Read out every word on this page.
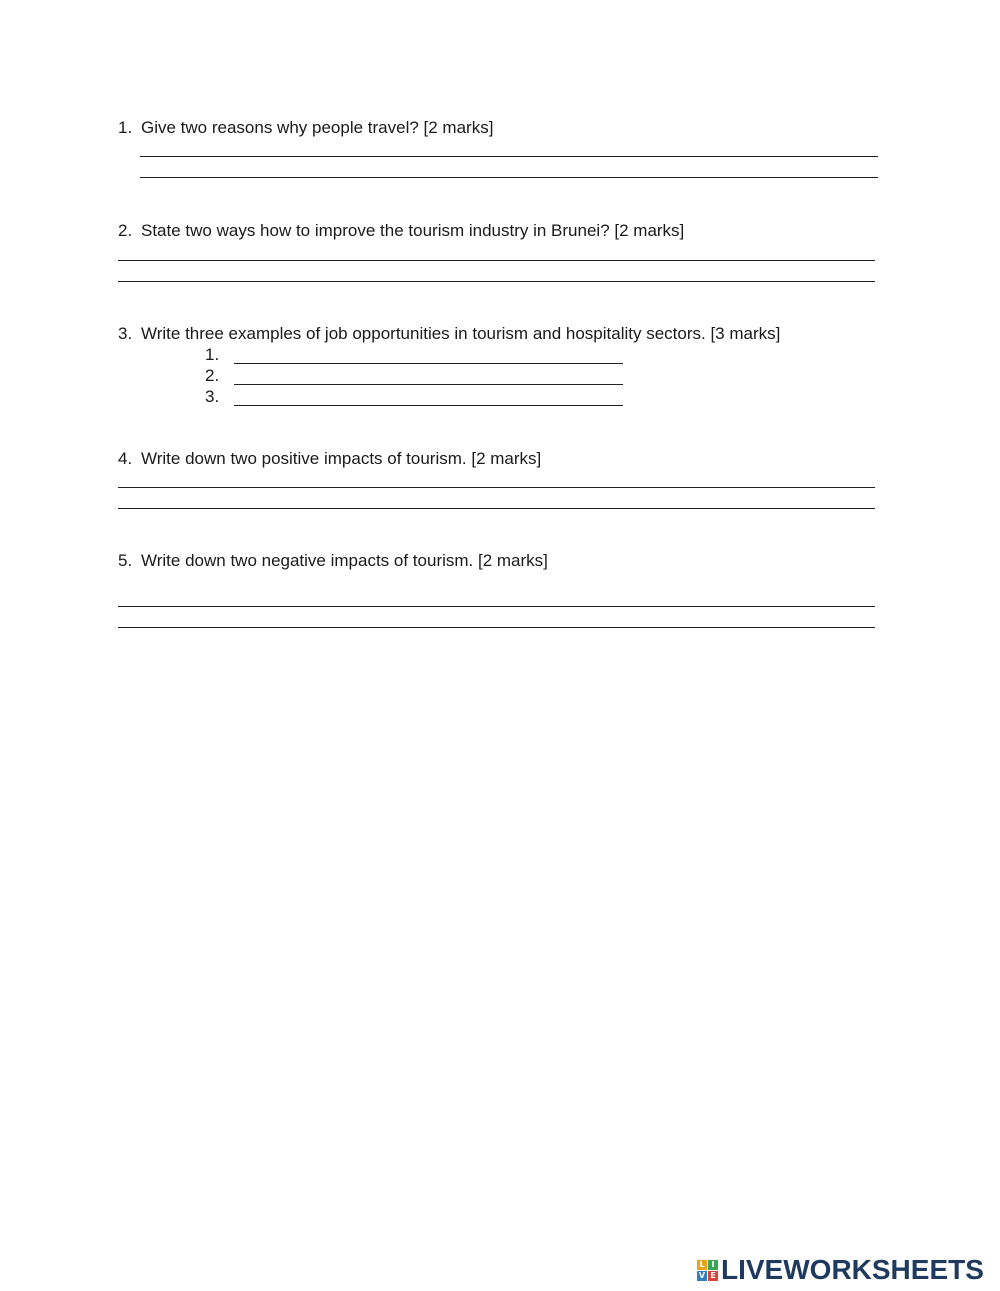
1. Give two reasons why people travel? [2 marks]
2. State two ways how to improve the tourism industry in Brunei? [2 marks]
3. Write three examples of job opportunities in tourism and hospitality sectors. [3 marks]
1.
2.
3.
4. Write down two positive impacts of tourism. [2 marks]
5. Write down two negative impacts of tourism. [2 marks]
L I
V E LIVEWORKSHEETS
